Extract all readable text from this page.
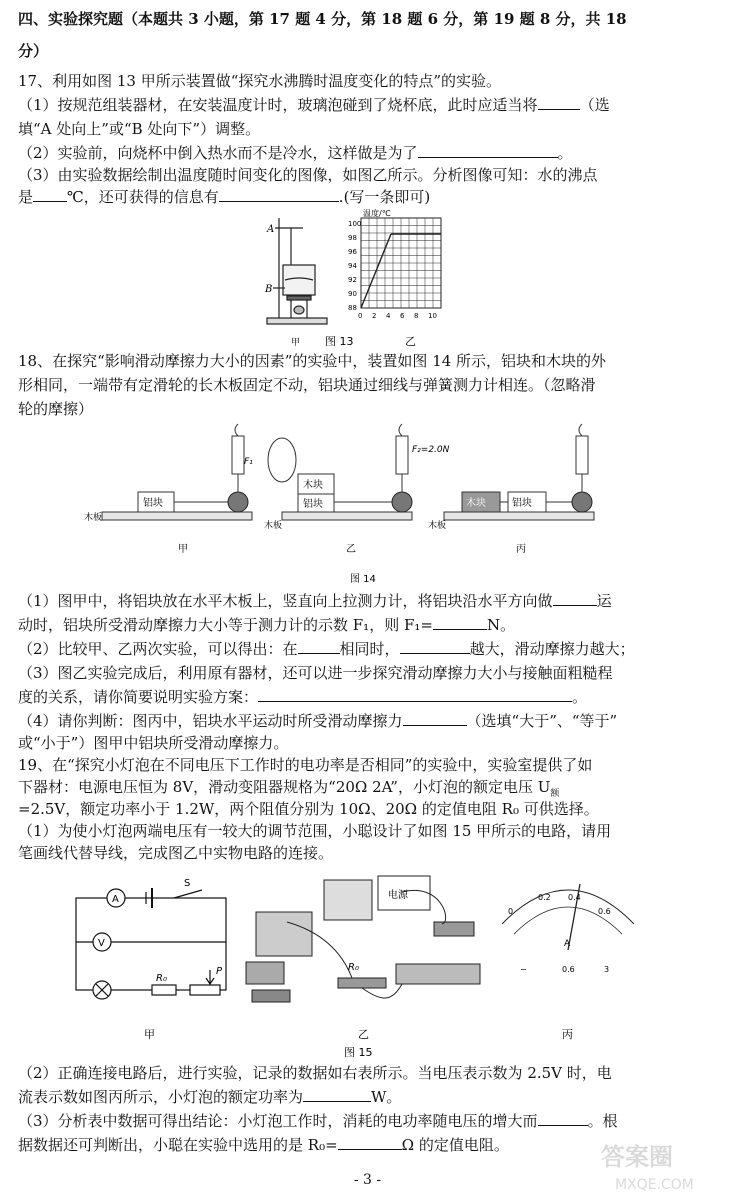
四、实验探究题（本题共 3 小题，第 17 题 4 分，第 18 题 6 分，第 19 题 8 分，共 18
分）
17、利用如图 13 甲所示装置做“探究水沸腾时温度变化的特点”的实验。
（1）按规范组装器材，在安装温度计时，玻璃泡碰到了烧杯底，此时应适当将	（选
填“A 处向上”或“B 处向下”）调整。
（2）实验前，向烧杯中倒入热水而不是冷水，这样做是为了	。
（3）由实验数据绘制出温度随时间变化的图像，如图乙所示。分析图像可知：水的沸点
是 ℃，还可获得的信息有	.(写一条即可)
A
B
温度/℃
88
90
92
94
96
98
100
0 2 4 6 8 10
图 13
甲	乙
18、在探究“影响滑动摩擦力大小的因素”的实验中，装置如图 14 所示，铝块和木块的外
形相同，一端带有定滑轮的长木板固定不动，铝块通过细线与弹簧测力计相连。（忽略滑
轮的摩擦）
铝块
F₁
木板
甲
木块
铝块
F₂=2.0N
木板
乙
木块	铝块
木板
丙
图 14
（1）图甲中，将铝块放在水平木板上，竖直向上拉测力计，将铝块沿水平方向做	运
动时，铝块所受滑动摩擦力大小等于测力计的示数 F₁，则 F₁=	N。
（2）比较甲、乙两次实验，可以得出：在	相同时，	越大，滑动摩擦力越大；
（3）图乙实验完成后，利用原有器材，还可以进一步探究滑动摩擦力大小与接触面粗糙程
度的关系，请你简要说明实验方案：	。
（4）请你判断：图丙中，铝块水平运动时所受滑动摩擦力	（选填“大于”、“等于”
或“小于”）图甲中铝块所受滑动摩擦力。
19、在“探究小灯泡在不同电压下工作时的电功率是否相同”的实验中，实验室提供了如
下器材：电源电压恒为 8V，滑动变阻器规格为“20Ω 2A”，小灯泡的额定电压 $U_额$
=2.5V，额定功率小于 1.2W，两个阻值分别为 10Ω、20Ω 的定值电阻 R₀ 可供选择。
（1）为使小灯泡两端电压有一较大的调节范围，小聪设计了如图 15 甲所示的电路，请用
笔画线代替导线，完成图乙中实物电路的连接。
A
V
S
R₀
P
甲
电源
R₀
乙
0
0.2 0.4
0.6
A
−	0.6	3
丙
图 15
（2）正确连接电路后，进行实验，记录的数据如右表所示。当电压表示数为 2.5V 时，电
流表示数如图丙所示，小灯泡的额定功率为	W。
（3）分析表中数据可得出结论：小灯泡工作时，消耗的电功率随电压的增大而	。根
据数据还可判断出，小聪在实验中选用的是 R₀=	Ω 的定值电阻。
- 3 -
答案圈
MXQE.COM
